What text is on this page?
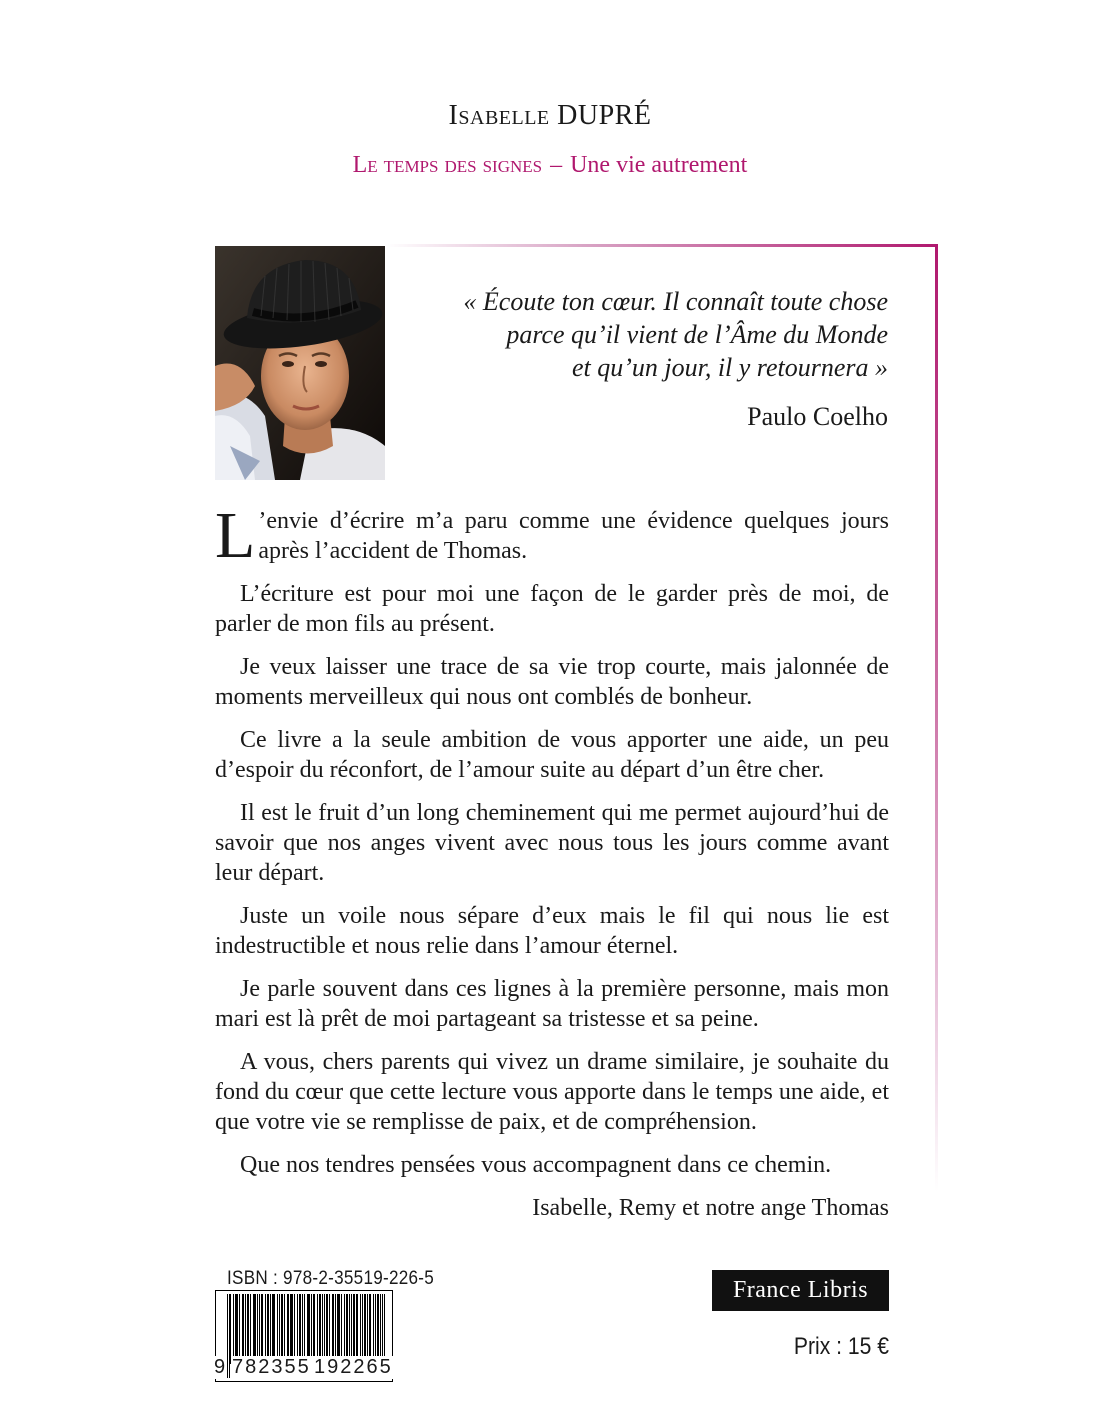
Isabelle DUPRÉ
Le temps des signes – Une vie autrement
« Écoute ton cœur. Il connaît toute chose
parce qu’il vient de l’Âme du Monde
et qu’un jour, il y retournera »
Paulo Coelho

L ’envie d’écrire m’a paru comme une évidence quelques jours après l’accident de Thomas.

L’écriture est pour moi une façon de le garder près de moi, de parler de mon fils au présent.

Je veux laisser une trace de sa vie trop courte, mais jalonnée de moments merveilleux qui nous ont comblés de bonheur.

Ce livre a la seule ambition de vous apporter une aide, un peu d’espoir du réconfort, de l’amour suite au départ d’un être cher.

Il est le fruit d’un long cheminement qui me permet aujourd’hui de savoir que nos anges vivent avec nous tous les jours comme avant leur départ.

Juste un voile nous sépare d’eux mais le fil qui nous lie est indestructible et nous relie dans l’amour éternel.

Je parle souvent dans ces lignes à la première personne, mais mon mari est là prêt de moi partageant sa tristesse et sa peine.

A vous, chers parents qui vivez un drame similaire, je souhaite du fond du cœur que cette lecture vous apporte dans le temps une aide, et que votre vie se remplisse de paix, et de compréhension.

Que nos tendres pensées vous accompagnent dans ce chemin.

Isabelle, Remy et notre ange Thomas

ISBN : 978-2-35519-226-5
9 782355 192265
France Libris
Prix : 15 €
